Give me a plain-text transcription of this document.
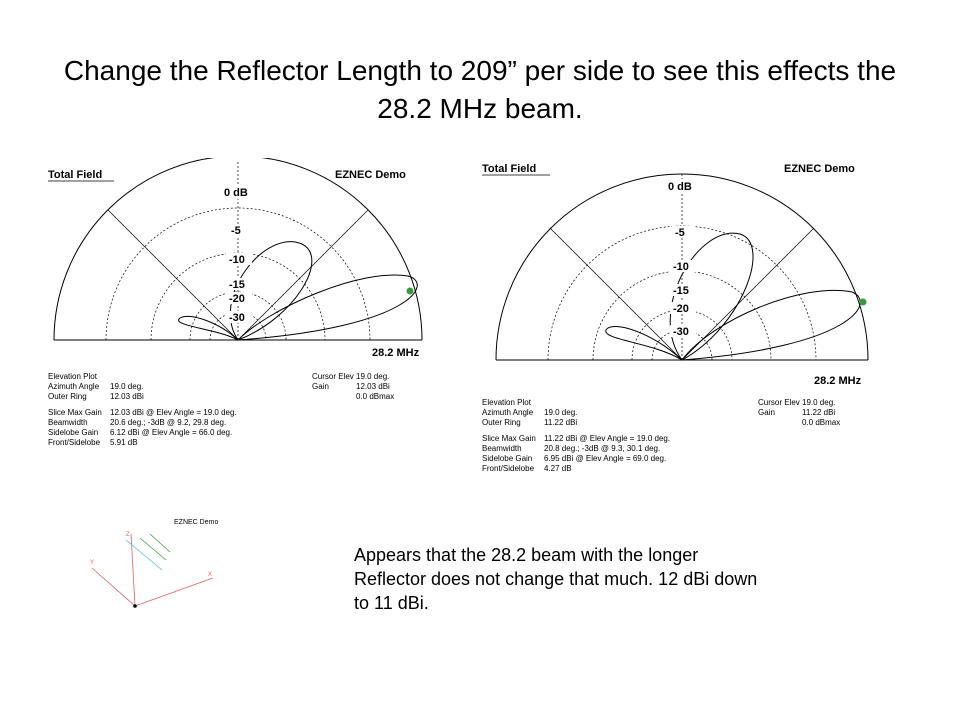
Change the Reflector Length to 209” per side to see this effects the 28.2 MHz beam.
Total Field	EZNEC Demo
0 dB
-5
-10
-15
-20
-30
28.2 MHz
Elevation Plot
Azimuth Angle 19.0 deg.
Outer Ring	12.03 dBi
Slice Max Gain 12.03 dBi @ Elev Angle = 19.0 deg.
Beamwidth	20.6 deg.; -3dB @ 9.2, 29.8 deg.
Sidelobe Gain 6.12 dBi @ Elev Angle = 66.0 deg.
Front/Sidelobe 5.91 dB
Cursor Elev 19.0 deg.
Gain	12.03 dBi
0.0 dBmax
Total Field	EZNEC Demo
0 dB
-5
-10
-15
-20
-30
28.2 MHz
Elevation Plot
Azimuth Angle 19.0 deg.
Outer Ring	11.22 dBi
Slice Max Gain 11.22 dBi @ Elev Angle = 19.0 deg.
Beamwidth	20.8 deg.; -3dB @ 9.3, 30.1 deg.
Sidelobe Gain 6.95 dBi @ Elev Angle = 69.0 deg.
Front/Sidelobe 4.27 dB
Cursor Elev 19.0 deg.
Gain	11.22 dBi
0.0 dBmax
EZNEC Demo
Z
Y
X
Appears that the 28.2 beam with the longer Reflector does not change that much. 12 dBi down to 11 dBi.
